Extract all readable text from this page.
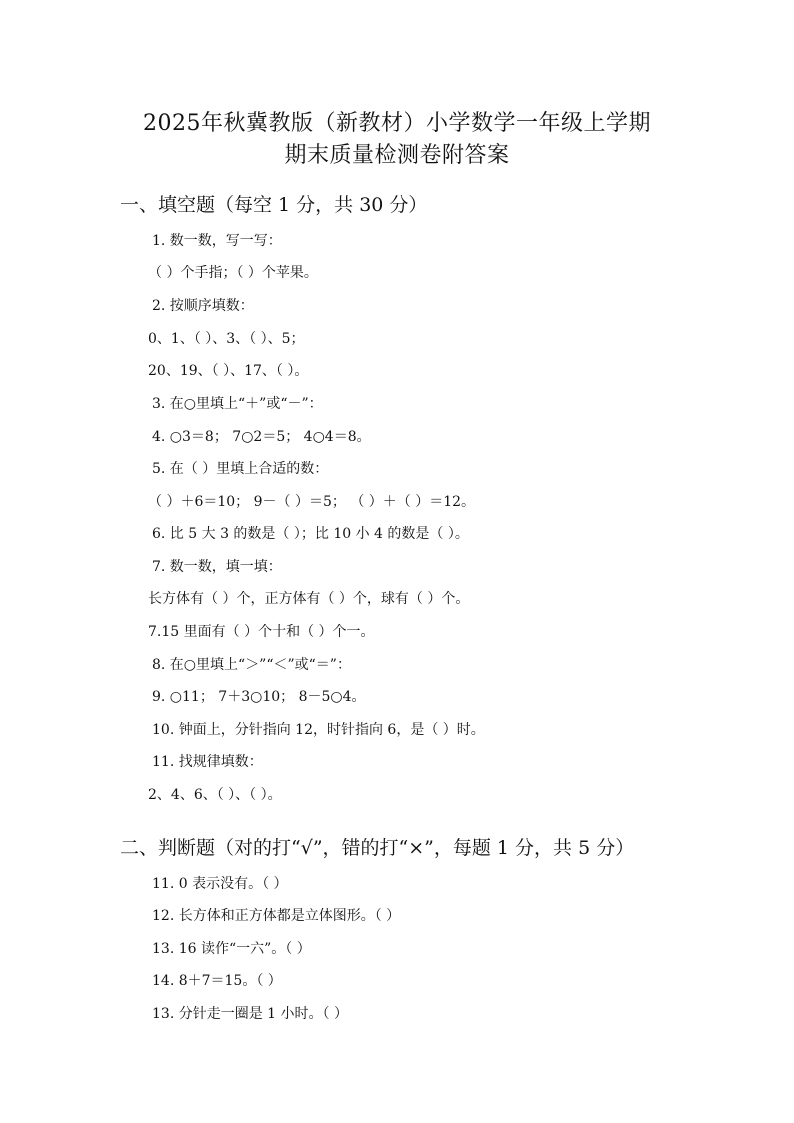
2025年秋冀教版（新教材）小学数学一年级上学期
期末质量检测卷附答案
一、填空题（每空 1 分，共 30 分）
1. 数一数，写一写：
（ ）个手指；（ ）个苹果。
2. 按顺序填数：
0、1、（ ）、3、（ ）、5；
20、19、（ ）、17、（ ）。
3. 在○里填上“＋”或“－”：
4. ○3＝8； 7○2＝5； 4○4＝8。
5. 在（ ）里填上合适的数：
（ ）＋6＝10； 9－（ ）＝5； （ ）＋（ ）＝12。
6. 比 5 大 3 的数是（ ）；比 10 小 4 的数是（ ）。
7. 数一数，填一填：
长方体有（ ）个，正方体有（ ）个，球有（ ）个。
7.15 里面有（ ）个十和（ ）个一。
8. 在○里填上“＞”“＜”或“＝”：
9. ○11； 7＋3○10； 8－5○4。
10. 钟面上，分针指向 12，时针指向 6，是（ ）时。
11. 找规律填数：
2、4、6、（ ）、（ ）。
二、判断题（对的打“√”，错的打“×”，每题 1 分，共 5 分）
11. 0 表示没有。（ ）
12. 长方体和正方体都是立体图形。（ ）
13. 16 读作“一六”。（ ）
14. 8＋7＝15。（ ）
13. 分针走一圈是 1 小时。（ ）
